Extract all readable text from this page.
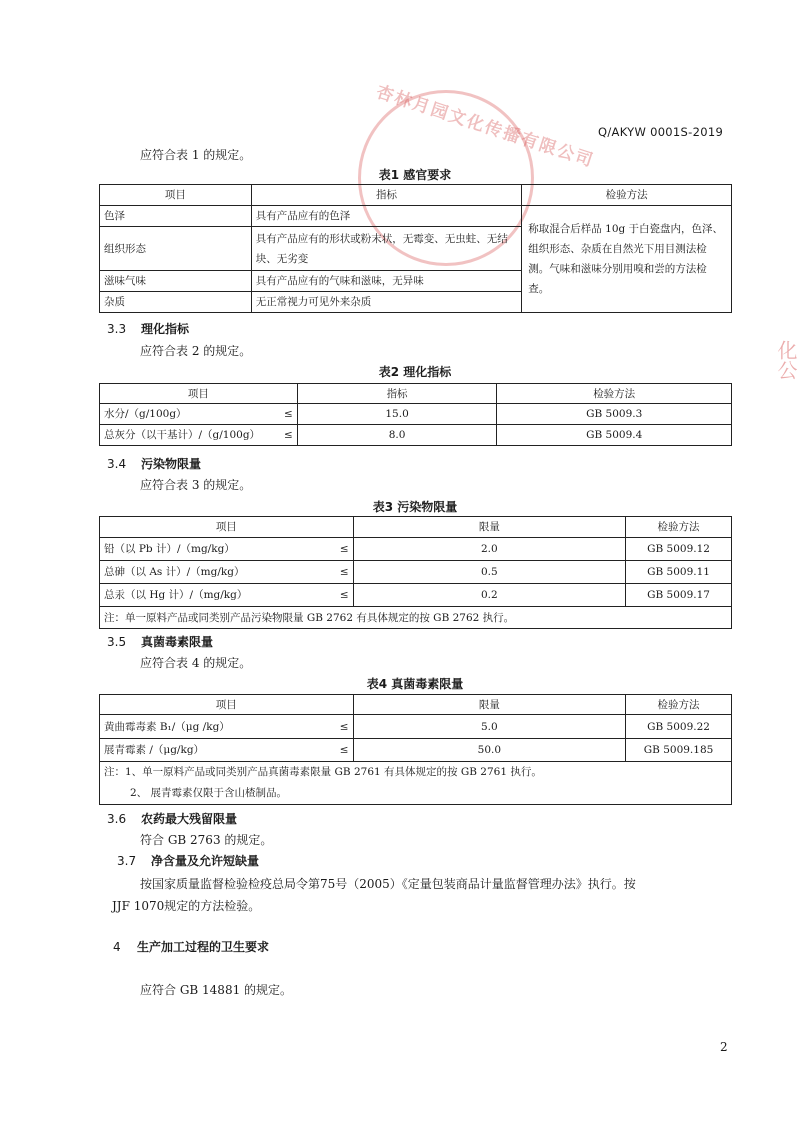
杏林月园文化传播有限公司
化公
Q/AKYW 0001S-2019
应符合表 1 的规定。
表1 感官要求
项目	指标	检验方法
色泽	具有产品应有的色泽	称取混合后样品 10g 于白瓷盘内，色泽、组织形态、杂质在自然光下用目测法检测。气味和滋味分别用嗅和尝的方法检查。
组织形态	具有产品应有的形状或粉末状，无霉变、无虫蛀、无结块、无劣变	
滋味气味	具有产品应有的气味和滋味，无异味	
杂质	无正常视力可见外来杂质	
3.3 理化指标
应符合表 2 的规定。
表2 理化指标
项目		指标	检验方法
水分/（g/100g）	≤	15.0	GB 5009.3
总灰分（以干基计）/（g/100g）	≤	8.0	GB 5009.4
3.4 污染物限量
应符合表 3 的规定。
表3 污染物限量
项目		限量	检验方法
铅（以 Pb 计）/（mg/kg）	≤	2.0	GB 5009.12
总砷（以 As 计）/（mg/kg）	≤	0.5	GB 5009.11
总汞（以 Hg 计）/（mg/kg）	≤	0.2	GB 5009.17
注：单一原料产品或同类别产品污染物限量 GB 2762 有具体规定的按 GB 2762 执行。			
3.5 真菌毒素限量
应符合表 4 的规定。
表4 真菌毒素限量
项目		限量	检验方法
黄曲霉毒素 B₁/（μg /kg）	≤	5.0	GB 5009.22
展青霉素 /（μg/kg）	≤	50.0	GB 5009.185

注：1、单一原料产品或同类别产品真菌毒素限量 GB 2761 有具体规定的按 GB 2761 执行。
2、 展青霉素仅限于含山楂制品。			
3.6 农药最大残留限量
符合 GB 2763 的规定。
3.7 净含量及允许短缺量
按国家质量监督检验检疫总局令第75号（2005）《定量包装商品计量监督管理办法》执行。按
JJF 1070规定的方法检验。
4 生产加工过程的卫生要求
应符合 GB 14881 的规定。
2
